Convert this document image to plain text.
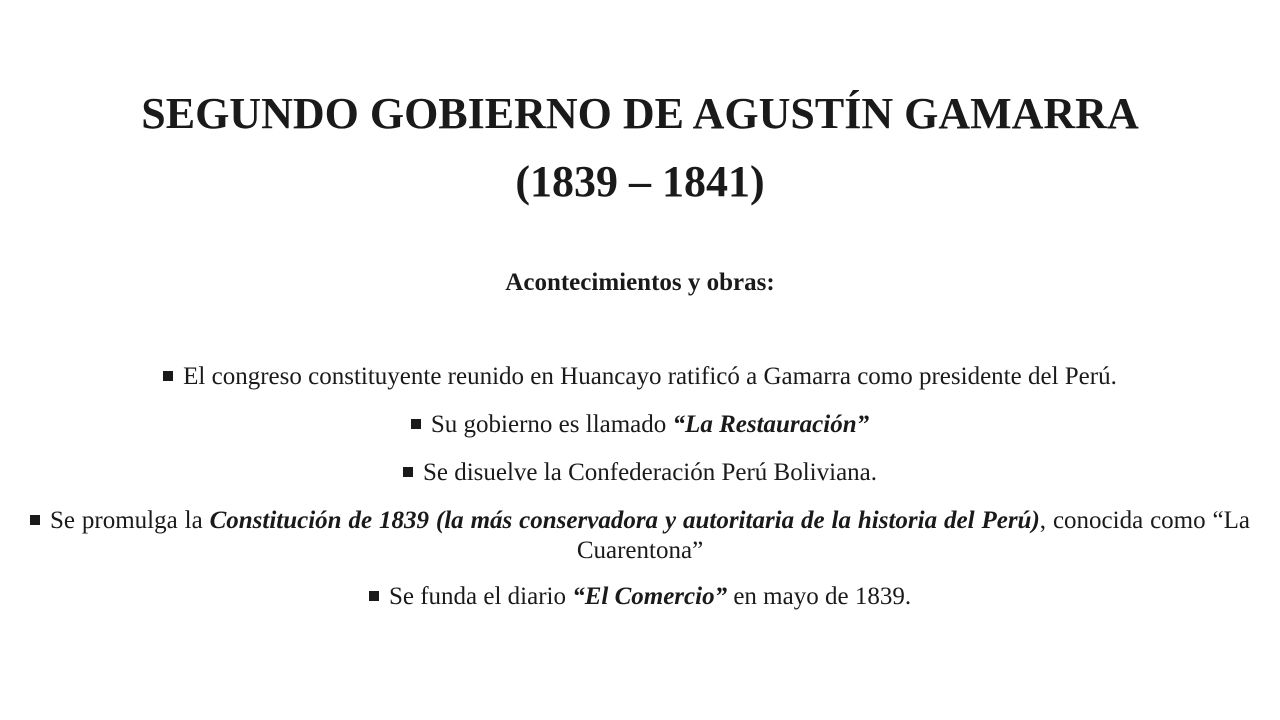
SEGUNDO GOBIERNO DE AGUSTÍN GAMARRA
(1839 – 1841)
Acontecimientos y obras:
El congreso constituyente reunido en Huancayo ratificó a Gamarra como presidente del Perú.
Su gobierno es llamado “La Restauración”
Se disuelve la Confederación Perú Boliviana.
Se promulga la Constitución de 1839 (la más conservadora y autoritaria de la historia del Perú), conocida como “La Cuarentona”
Se funda el diario “El Comercio” en mayo de 1839.
